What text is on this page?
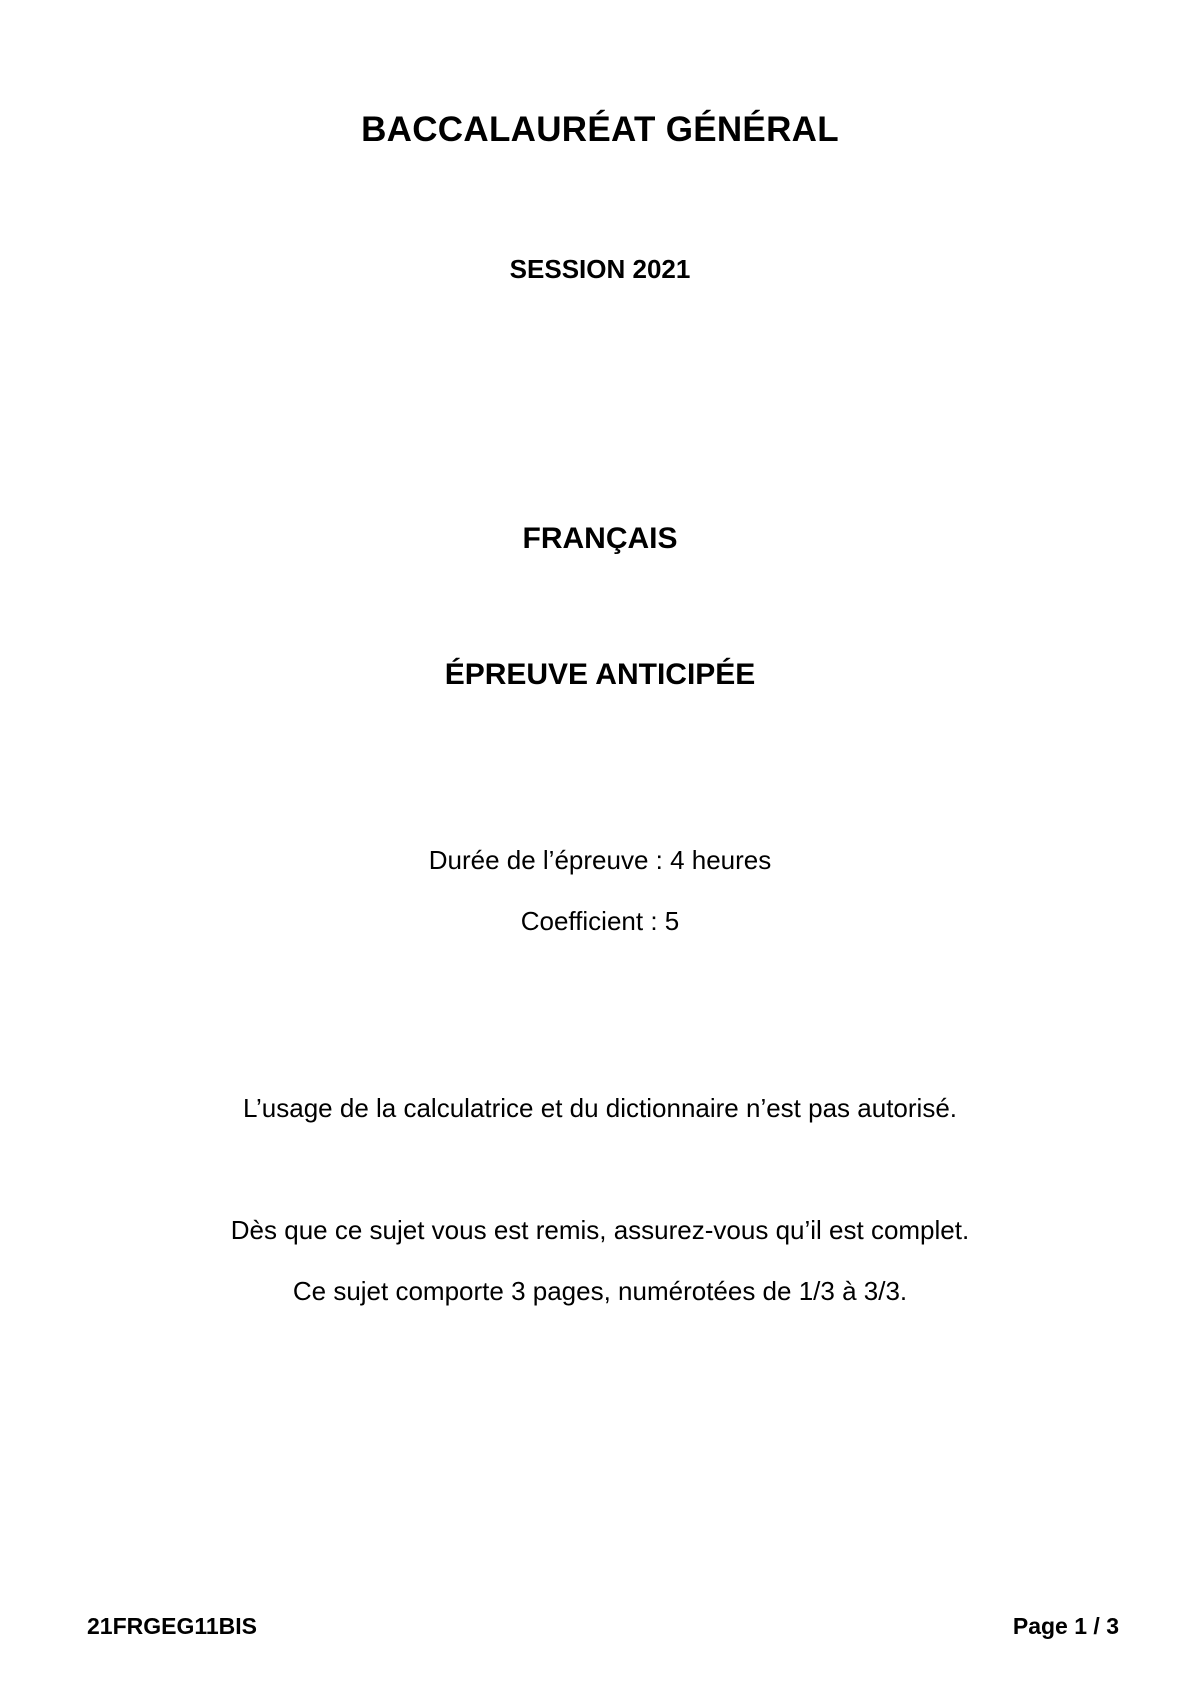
BACCALAURÉAT GÉNÉRAL
SESSION 2021
FRANÇAIS
ÉPREUVE ANTICIPÉE
Durée de l’épreuve : 4 heures
Coefficient : 5
L’usage de la calculatrice et du dictionnaire n’est pas autorisé.
Dès que ce sujet vous est remis, assurez-vous qu’il est complet.
Ce sujet comporte 3 pages, numérotées de 1/3 à 3/3.
21FRGEG11BIS	Page 1 / 3
